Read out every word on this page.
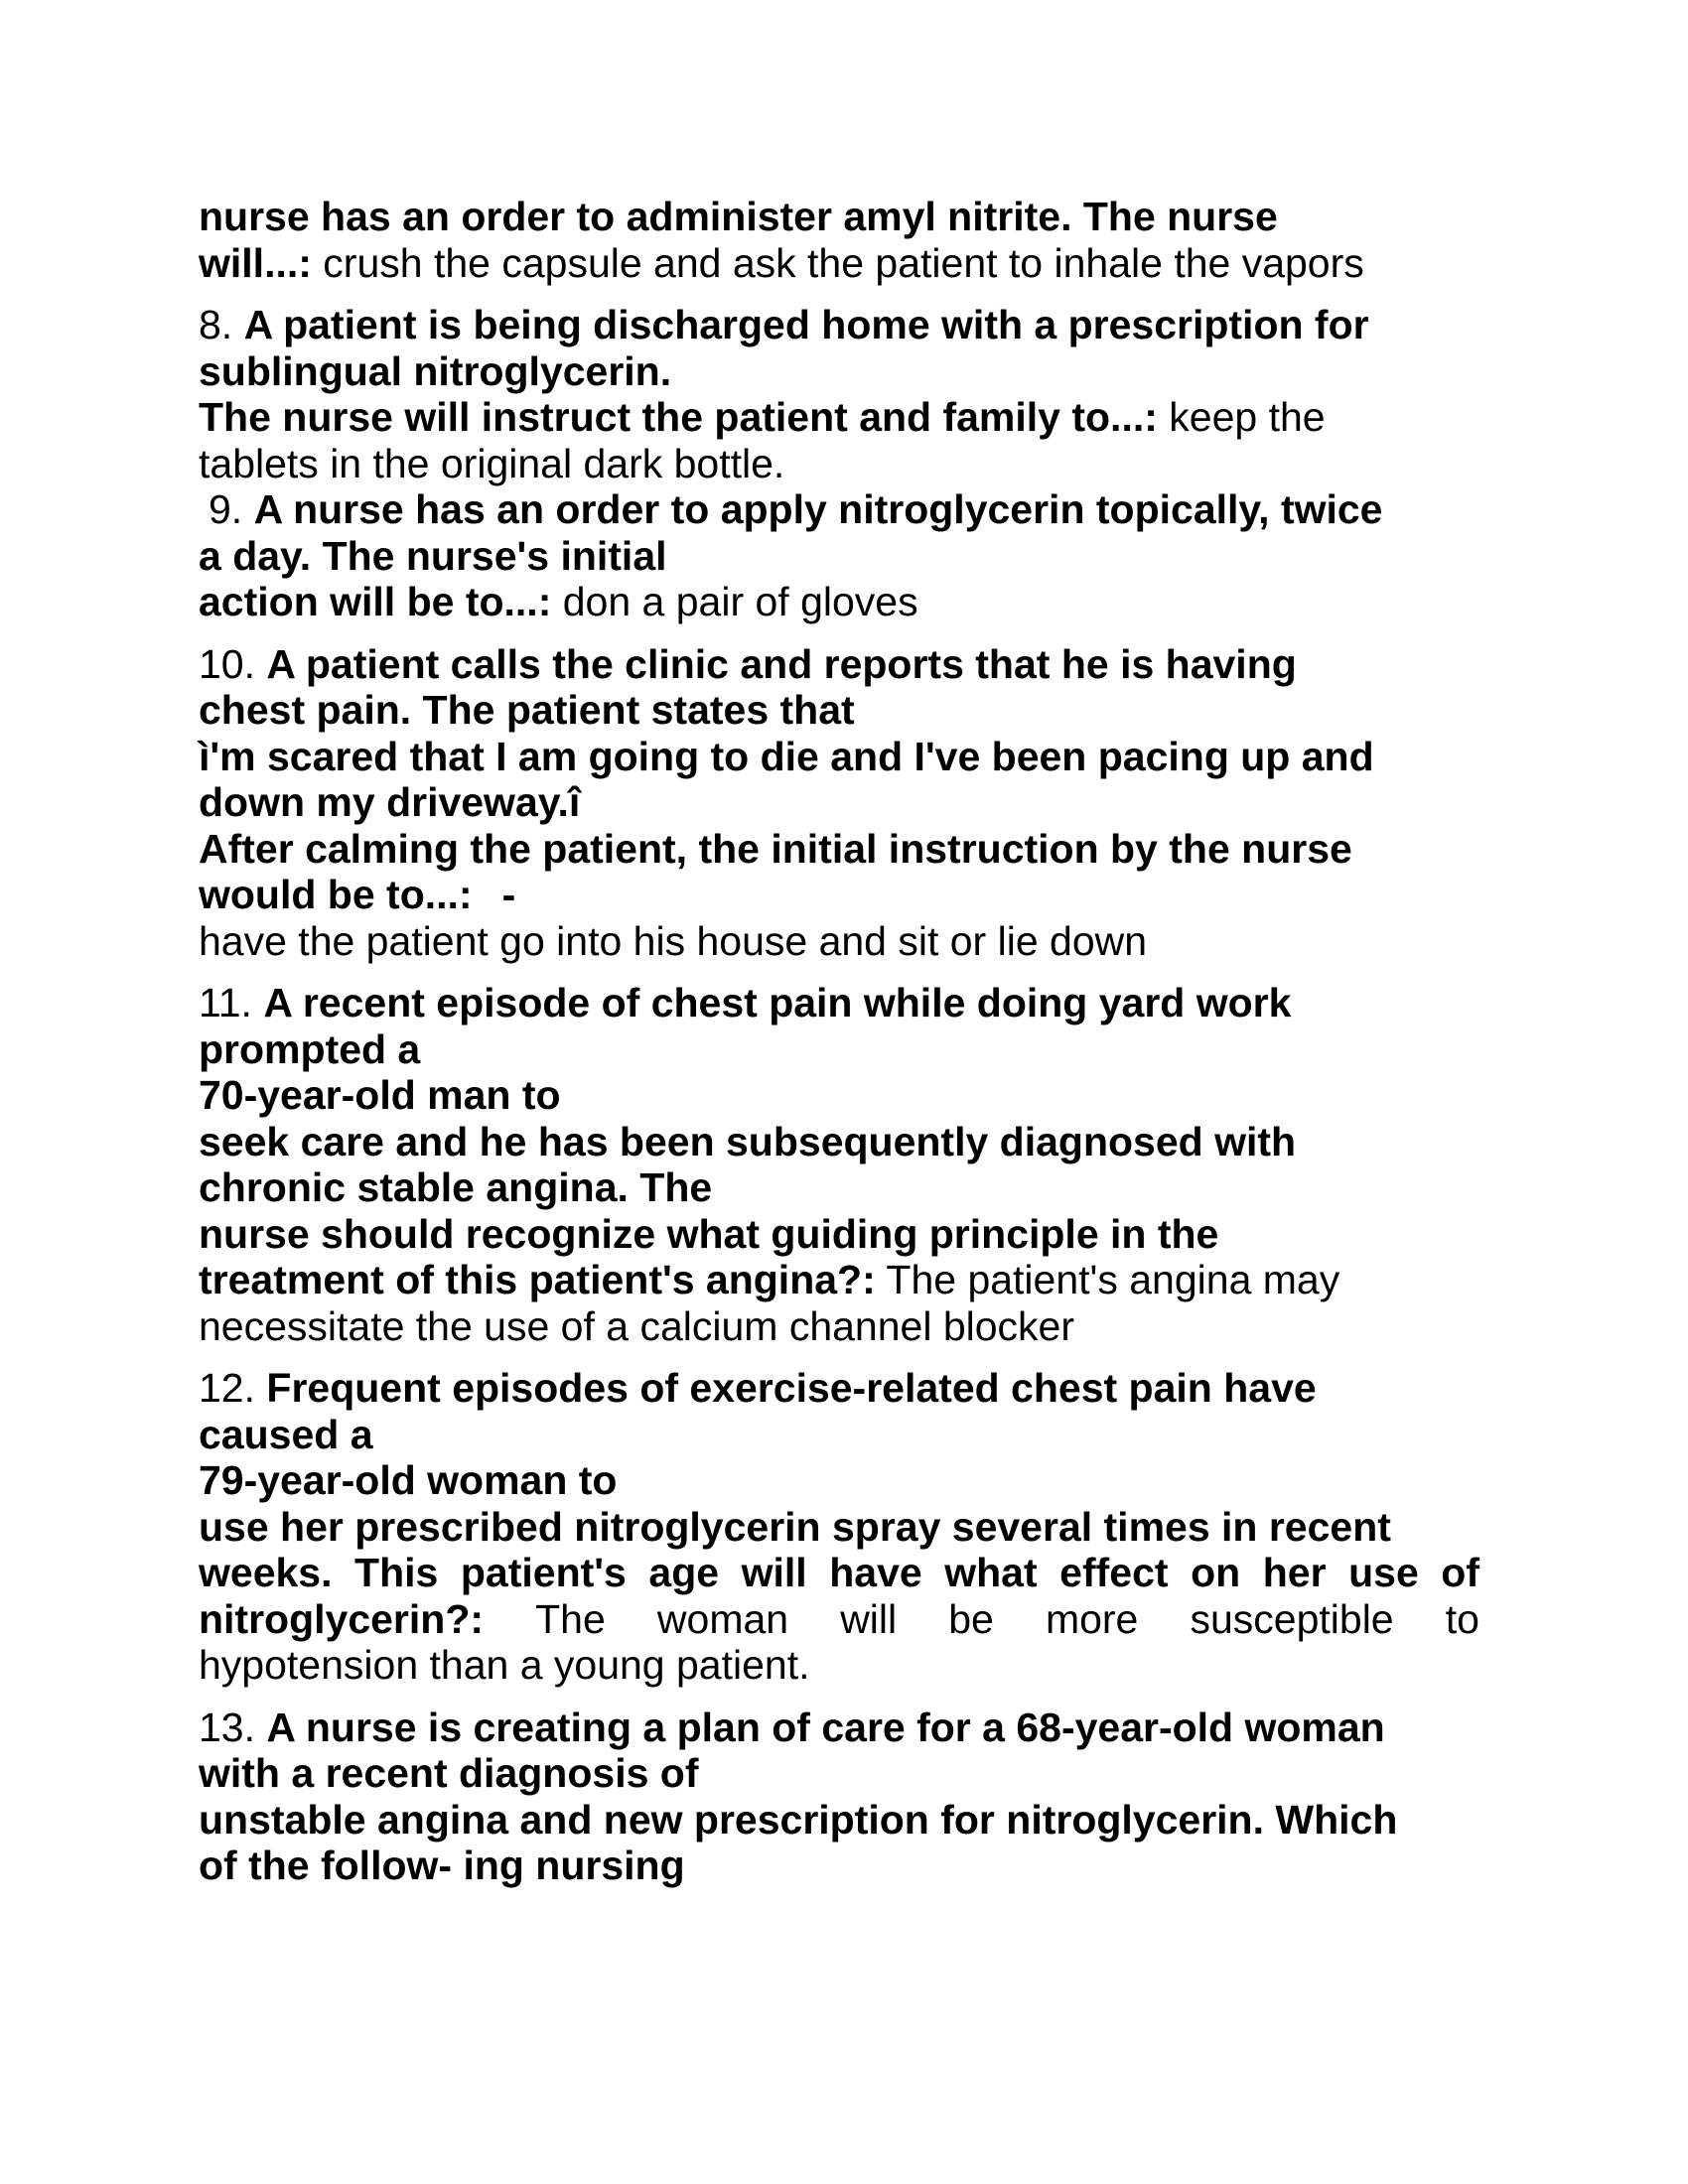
nurse has an order to administer amyl nitrite. The nurse
will...: crush the capsule and ask the patient to inhale the vapors
8. A patient is being discharged home with a prescription for
sublingual nitroglycerin.
The nurse will instruct the patient and family to...: keep the
tablets in the original dark bottle.
9. A nurse has an order to apply nitroglycerin topically, twice
a day. The nurse's initial
action will be to...: don a pair of gloves
10. A patient calls the clinic and reports that he is having
chest pain. The patient states that
ì'm scared that I am going to die and I've been pacing up and
down my driveway.î
After calming the patient, the initial instruction by the nurse
would be to...: -
have the patient go into his house and sit or lie down
11. A recent episode of chest pain while doing yard work
prompted a
70-year-old man to
seek care and he has been subsequently diagnosed with
chronic stable angina. The
nurse should recognize what guiding principle in the
treatment of this patient's angina?: The patient's angina may
necessitate the use of a calcium channel blocker
12. Frequent episodes of exercise-related chest pain have
caused a
79-year-old woman to
use her prescribed nitroglycerin spray several times in recent
weeks. This patient's age will have what effect on her use of
nitroglycerin?: The woman will be more susceptible to
hypotension than a young patient.
13. A nurse is creating a plan of care for a 68-year-old woman
with a recent diagnosis of
unstable angina and new prescription for nitroglycerin. Which
of the follow- ing nursing
